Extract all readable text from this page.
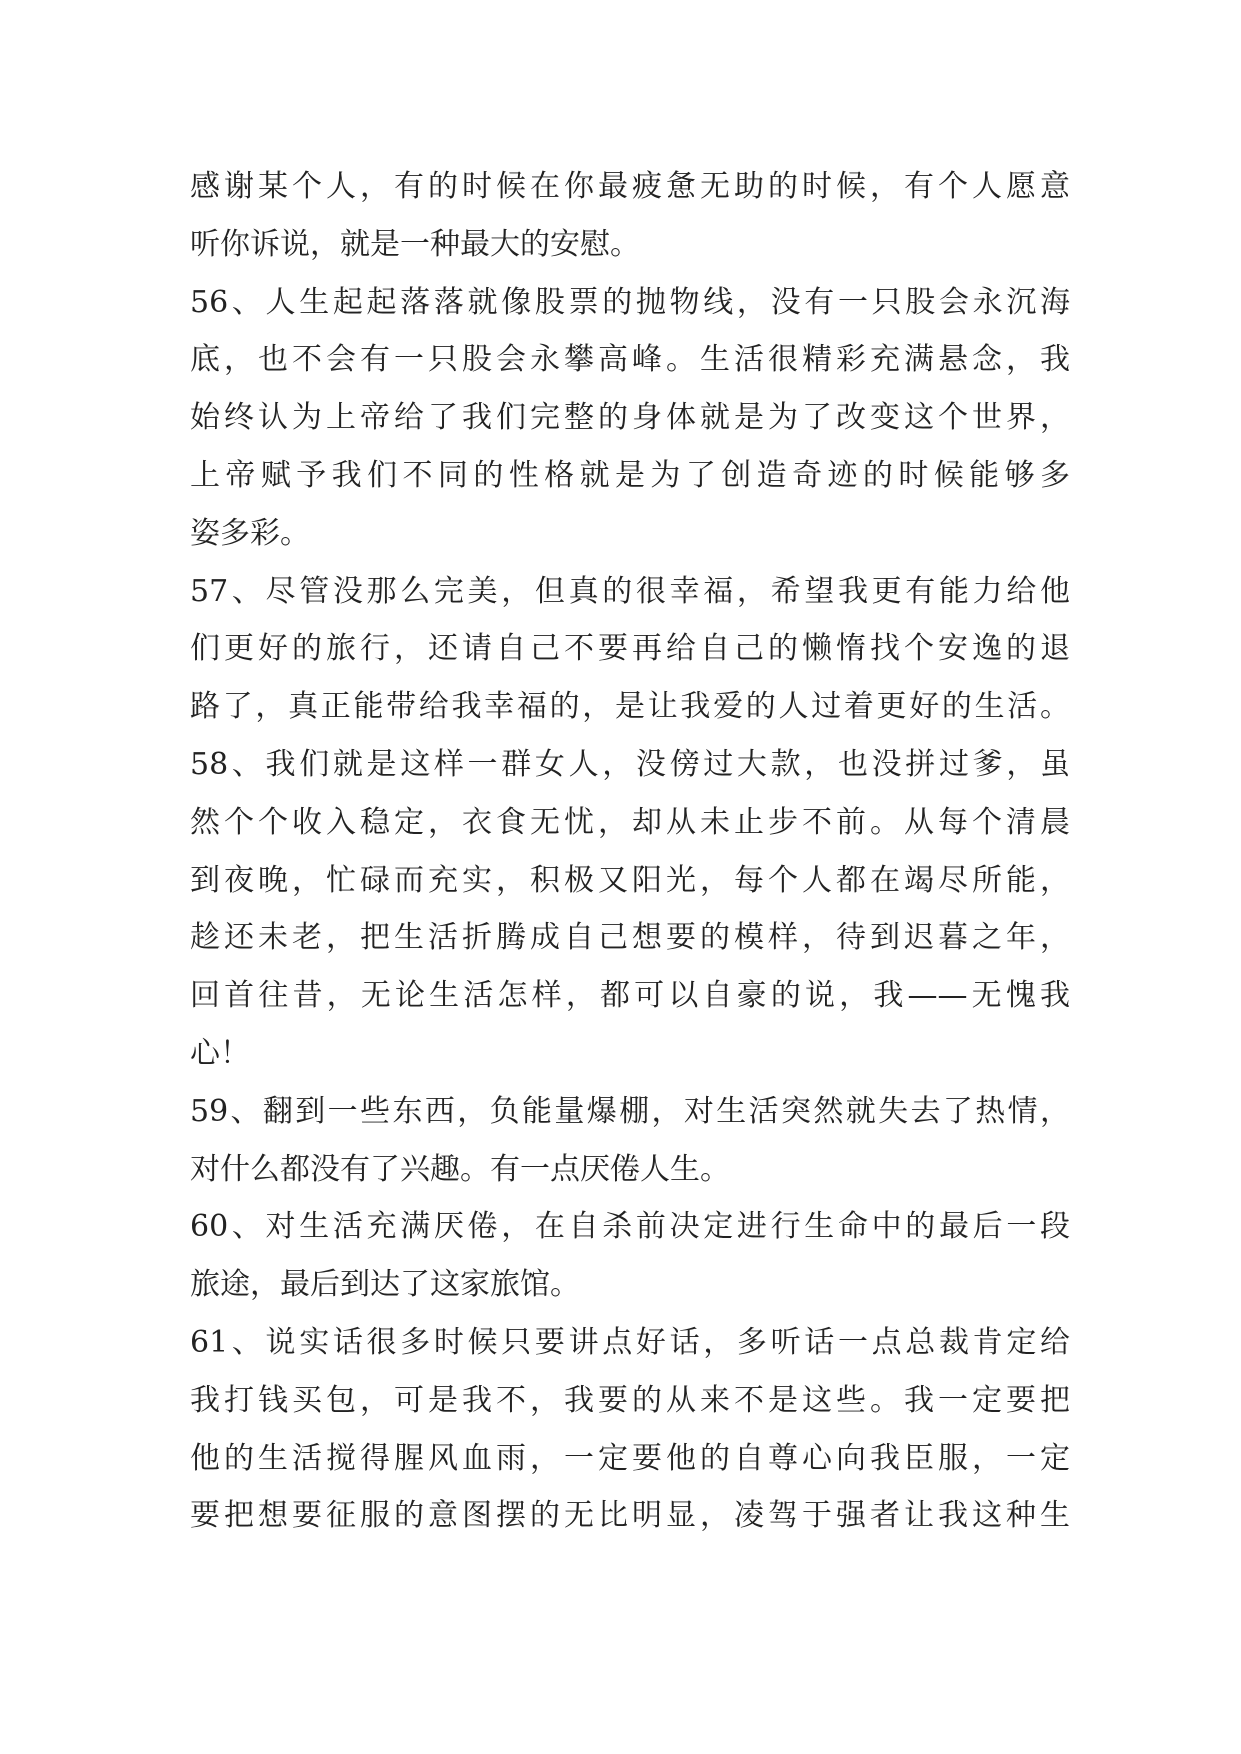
感谢某个人，有的时候在你最疲惫无助的时候，有个人愿意
听你诉说，就是一种最大的安慰。
56、人生起起落落就像股票的抛物线，没有一只股会永沉海
底，也不会有一只股会永攀高峰。生活很精彩充满悬念，我
始终认为上帝给了我们完整的身体就是为了改变这个世界，
上帝赋予我们不同的性格就是为了创造奇迹的时候能够多
姿多彩。
57、尽管没那么完美，但真的很幸福，希望我更有能力给他
们更好的旅行，还请自己不要再给自己的懒惰找个安逸的退
路了，真正能带给我幸福的，是让我爱的人过着更好的生活。
58、我们就是这样一群女人，没傍过大款，也没拼过爹，虽
然个个收入稳定，衣食无忧，却从未止步不前。从每个清晨
到夜晚，忙碌而充实，积极又阳光，每个人都在竭尽所能，
趁还未老，把生活折腾成自己想要的模样，待到迟暮之年，
回首往昔，无论生活怎样，都可以自豪的说，我——无愧我
心！
59、翻到一些东西，负能量爆棚，对生活突然就失去了热情，
对什么都没有了兴趣。有一点厌倦人生。
60、对生活充满厌倦，在自杀前决定进行生命中的最后一段
旅途，最后到达了这家旅馆。
61、说实话很多时候只要讲点好话，多听话一点总裁肯定给
我打钱买包，可是我不，我要的从来不是这些。我一定要把
他的生活搅得腥风血雨，一定要他的自尊心向我臣服，一定
要把想要征服的意图摆的无比明显，凌驾于强者让我这种生
